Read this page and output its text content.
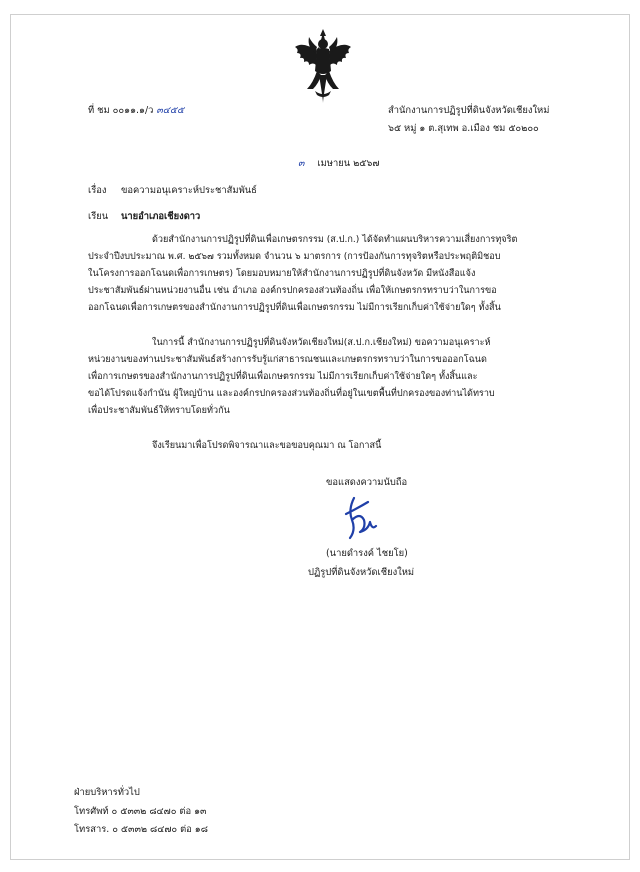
ที่ ชม ๐๐๑๑.๑/ว ๓๔๕๕	สำนักงานการปฏิรูปที่ดินจังหวัดเชียงใหม่
๖๕ หมู่ ๑ ต.สุเทพ อ.เมือง ชม ๕๐๒๐๐
๓ เมษายน ๒๕๖๗
เรื่อง ขอความอนุเคราะห์ประชาสัมพันธ์
เรียน นายอำเภอเชียงดาว
ด้วยสำนักงานการปฏิรูปที่ดินเพื่อเกษตรกรรม (ส.ป.ก.) ได้จัดทำแผนบริหารความเสี่ยงการทุจริต
ประจำปีงบประมาณ พ.ศ. ๒๕๖๗ รวมทั้งหมด จำนวน ๖ มาตรการ (การป้องกันการทุจริตหรือประพฤติมิชอบ
ในโครงการออกโฉนดเพื่อการเกษตร) โดยมอบหมายให้สำนักงานการปฏิรูปที่ดินจังหวัด มีหนังสือแจ้ง
ประชาสัมพันธ์ผ่านหน่วยงานอื่น เช่น อำเภอ องค์กรปกครองส่วนท้องถิ่น เพื่อให้เกษตรกรทราบว่าในการขอ
ออกโฉนดเพื่อการเกษตรของสำนักงานการปฏิรูปที่ดินเพื่อเกษตรกรรม ไม่มีการเรียกเก็บค่าใช้จ่ายใดๆ ทั้งสิ้น
ในการนี้ สำนักงานการปฏิรูปที่ดินจังหวัดเชียงใหม่(ส.ป.ก.เชียงใหม่) ขอความอนุเคราะห์
หน่วยงานของท่านประชาสัมพันธ์สร้างการรับรู้แก่สาธารณชนและเกษตรกรทราบว่าในการขอออกโฉนด
เพื่อการเกษตรของสำนักงานการปฏิรูปที่ดินเพื่อเกษตรกรรม ไม่มีการเรียกเก็บค่าใช้จ่ายใดๆ ทั้งสิ้นและ
ขอได้โปรดแจ้งกำนัน ผู้ใหญ่บ้าน และองค์กรปกครองส่วนท้องถิ่นที่อยู่ในเขตพื้นที่ปกครองของท่านได้ทราบ
เพื่อประชาสัมพันธ์ให้ทราบโดยทั่วกัน
จึงเรียนมาเพื่อโปรดพิจารณาและขอขอบคุณมา ณ โอกาสนี้
ขอแสดงความนับถือ
(นายดำรงค์ ไชยโย)
ปฏิรูปที่ดินจังหวัดเชียงใหม่
ฝ่ายบริหารทั่วไป
โทรศัพท์ ๐ ๕๓๓๒ ๘๔๗๐ ต่อ ๑๓
โทรสาร. ๐ ๕๓๓๒ ๘๔๗๐ ต่อ ๑๘
